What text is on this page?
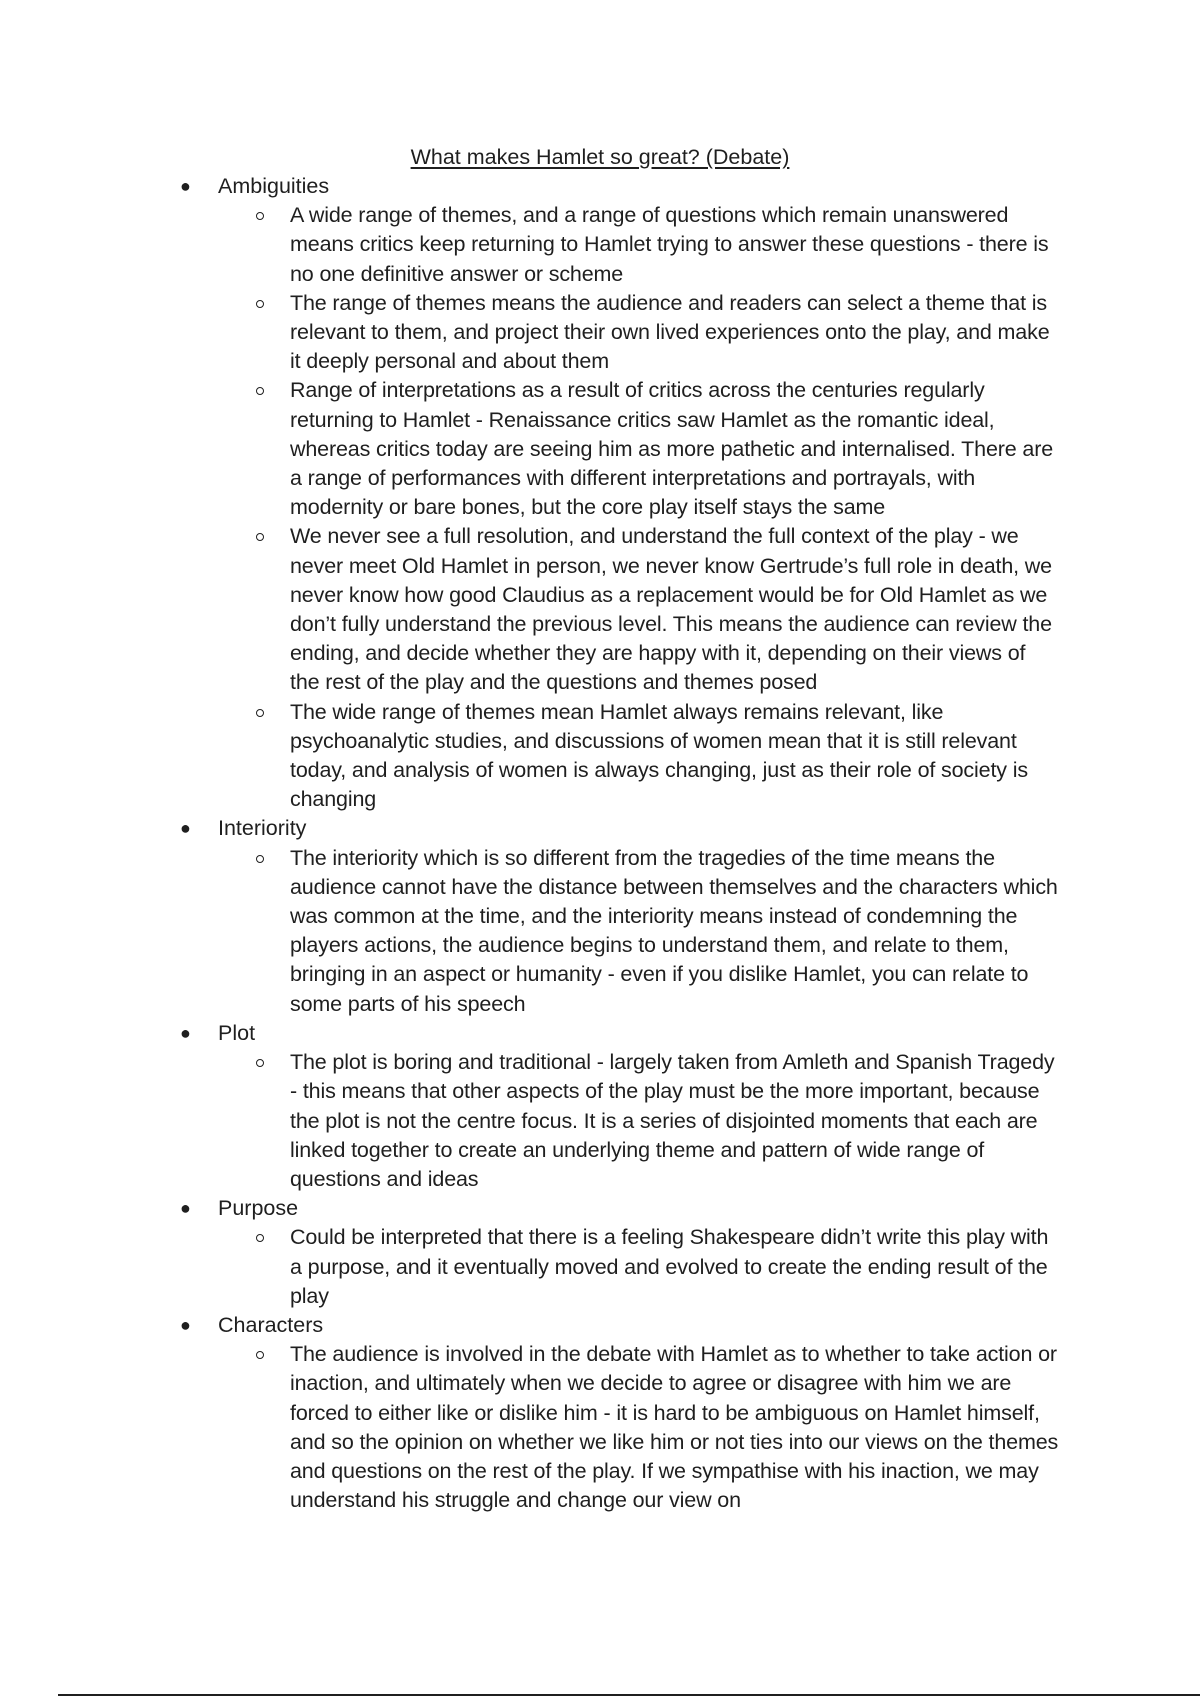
What makes Hamlet so great? (Debate)
●	Ambiguities
A wide range of themes, and a range of questions which remain unanswered means critics keep returning to Hamlet trying to answer these questions - there is no one definitive answer or scheme
The range of themes means the audience and readers can select a theme that is relevant to them, and project their own lived experiences onto the play, and make it deeply personal and about them
Range of interpretations as a result of critics across the centuries regularly returning to Hamlet - Renaissance critics saw Hamlet as the romantic ideal, whereas critics today are seeing him as more pathetic and internalised. There are a range of performances with different interpretations and portrayals, with modernity or bare bones, but the core play itself stays the same
We never see a full resolution, and understand the full context of the play - we never meet Old Hamlet in person, we never know Gertrude’s full role in death, we never know how good Claudius as a replacement would be for Old Hamlet as we don’t fully understand the previous level. This means the audience can review the ending, and decide whether they are happy with it, depending on their views of the rest of the play and the questions and themes posed
The wide range of themes mean Hamlet always remains relevant, like psychoanalytic studies, and discussions of women mean that it is still relevant today, and analysis of women is always changing, just as their role of society is changing
●	Interiority
The interiority which is so different from the tragedies of the time means the audience cannot have the distance between themselves and the characters which was common at the time, and the interiority means instead of condemning the players actions, the audience begins to understand them, and relate to them, bringing in an aspect or humanity - even if you dislike Hamlet, you can relate to some parts of his speech
●	Plot
The plot is boring and traditional - largely taken from Amleth and Spanish Tragedy - this means that other aspects of the play must be the more important, because the plot is not the centre focus. It is a series of disjointed moments that each are linked together to create an underlying theme and pattern of wide range of questions and ideas
●	Purpose
Could be interpreted that there is a feeling Shakespeare didn’t write this play with a purpose, and it eventually moved and evolved to create the ending result of the play
●	Characters
The audience is involved in the debate with Hamlet as to whether to take action or inaction, and ultimately when we decide to agree or disagree with him we are forced to either like or dislike him - it is hard to be ambiguous on Hamlet himself, and so the opinion on whether we like him or not ties into our views on the themes and questions on the rest of the play. If we sympathise with his inaction, we may understand his struggle and change our view on
